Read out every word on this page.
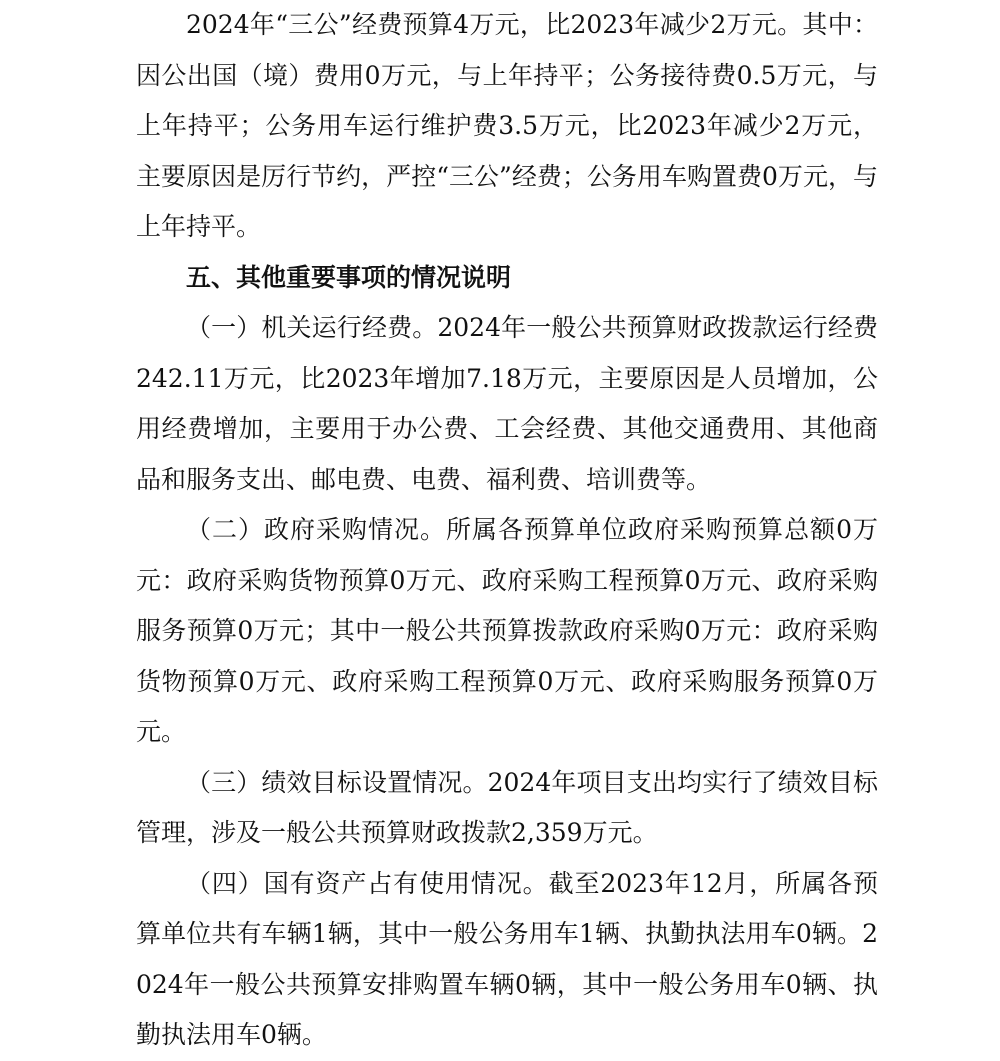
2024年“三公”经费预算4万元，比2023年减少2万元。其中：因公出国（境）费用0万元，与上年持平；公务接待费0.5万元，与上年持平；公务用车运行维护费3.5万元，比2023年减少2万元，主要原因是厉行节约，严控“三公”经费；公务用车购置费0万元，与上年持平。

五、其他重要事项的情况说明

（一）机关运行经费。2024年一般公共预算财政拨款运行经费242.11万元，比2023年增加7.18万元，主要原因是人员增加，公用经费增加，主要用于办公费、工会经费、其他交通费用、其他商品和服务支出、邮电费、电费、福利费、培训费等。

（二）政府采购情况。所属各预算单位政府采购预算总额0万元：政府采购货物预算0万元、政府采购工程预算0万元、政府采购服务预算0万元；其中一般公共预算拨款政府采购0万元：政府采购货物预算0万元、政府采购工程预算0万元、政府采购服务预算0万元。

（三）绩效目标设置情况。2024年项目支出均实行了绩效目标管理，涉及一般公共预算财政拨款2,359万元。

（四）国有资产占有使用情况。截至2023年12月，所属各预算单位共有车辆1辆，其中一般公务用车1辆、执勤执法用车0辆。2024年一般公共预算安排购置车辆0辆，其中一般公务用车0辆、执勤执法用车0辆。
